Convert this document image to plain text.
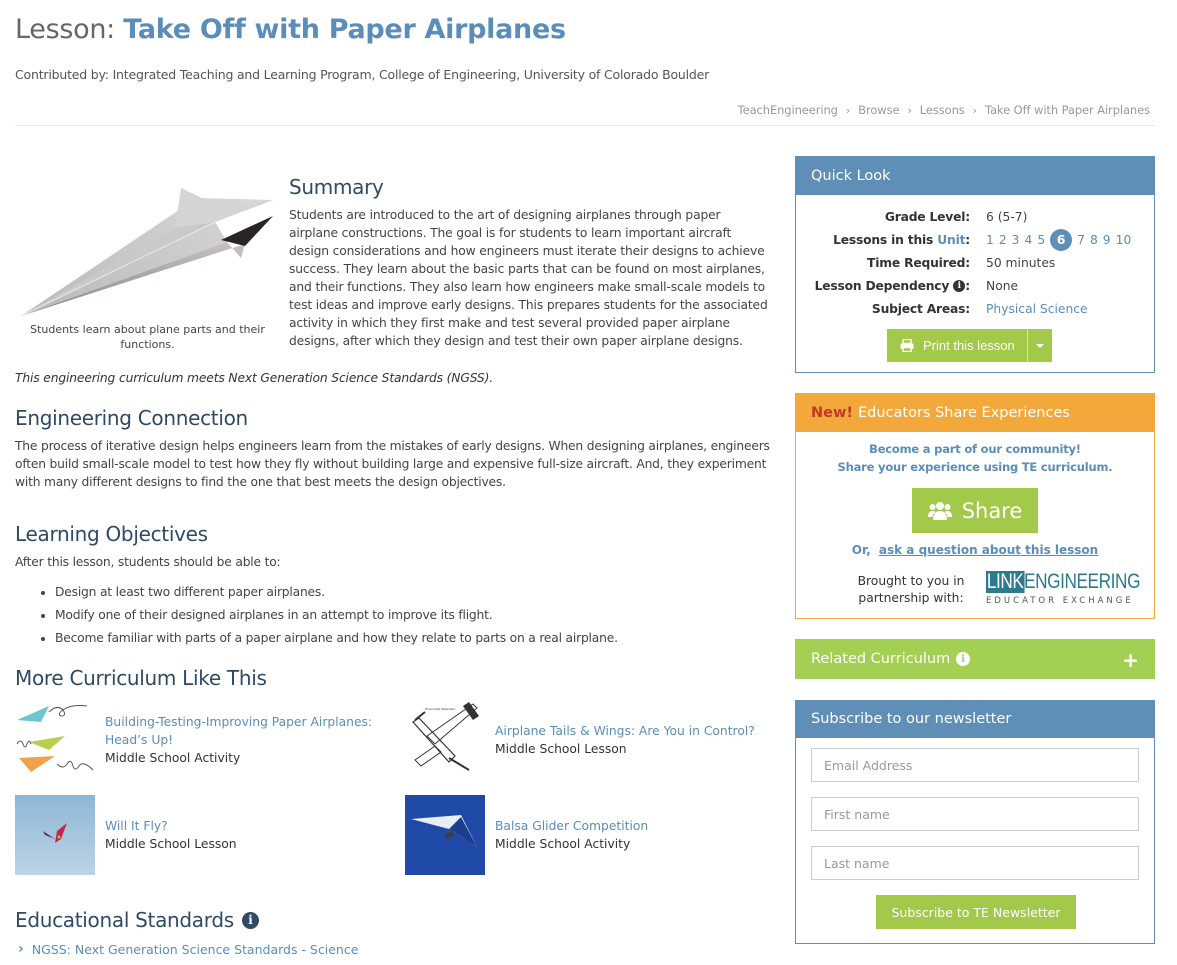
Lesson: Take Off with Paper Airplanes
Contributed by: Integrated Teaching and Learning Program, College of Engineering, University of Colorado Boulder
TeachEngineering › Browse › Lessons › Take Off with Paper Airplanes
Students learn about plane parts and their functions.
Summary

Students are introduced to the art of designing airplanes through paper airplane constructions. The goal is for students to learn important aircraft design considerations and how engineers must iterate their designs to achieve success. They learn about the basic parts that can be found on most airplanes, and their functions. They also learn how engineers make small-scale models to test ideas and improve early designs. This prepares students for the associated activity in which they first make and test several provided paper airplane designs, after which they design and test their own paper airplane designs.

This engineering curriculum meets Next Generation Science Standards (NGSS).
Engineering Connection

The process of iterative design helps engineers learn from the mistakes of early designs. When designing airplanes, engineers often build small-scale model to test how they fly without building large and expensive full-size aircraft. And, they experiment with many different designs to find the one that best meets the design objectives.

Learning Objectives
After this lesson, students should be able to:
• Design at least two different paper airplanes.
• Modify one of their designed airplanes in an attempt to improve its flight.
• Become familiar with parts of a paper airplane and how they relate to parts on a real airplane.
More Curriculum Like This
Building-Testing-Improving Paper Airplanes: Head’s Up!
Middle School Activity
Horizontal Stabilizer
Airplane Tails & Wings: Are You in Control?
Middle School Lesson
Will It Fly?
Middle School Lesson
Balsa Glider Competition
Middle School Activity
Educational Standards	i
› NGSS: Next Generation Science Standards - Science
Quick Look
Grade Level: 6 (5-7)
Lessons in this Unit: 1 2 3 4 5 6 7 8 9 10
Time Required: 50 minutes
Lesson Dependency i : None
Subject Areas: Physical Science
Print this lesson
New! Educators Share Experiences
Become a part of our community!
Share your experience using TE curriculum.
Share
Or, ask a question about this lesson
Brought to you in partnership with:
LINK ENGINEERING
EDUCATOR EXCHANGE
Related Curriculum	i	+
Subscribe to our newsletter
Email Address
First name
Last name
Subscribe to TE Newsletter
